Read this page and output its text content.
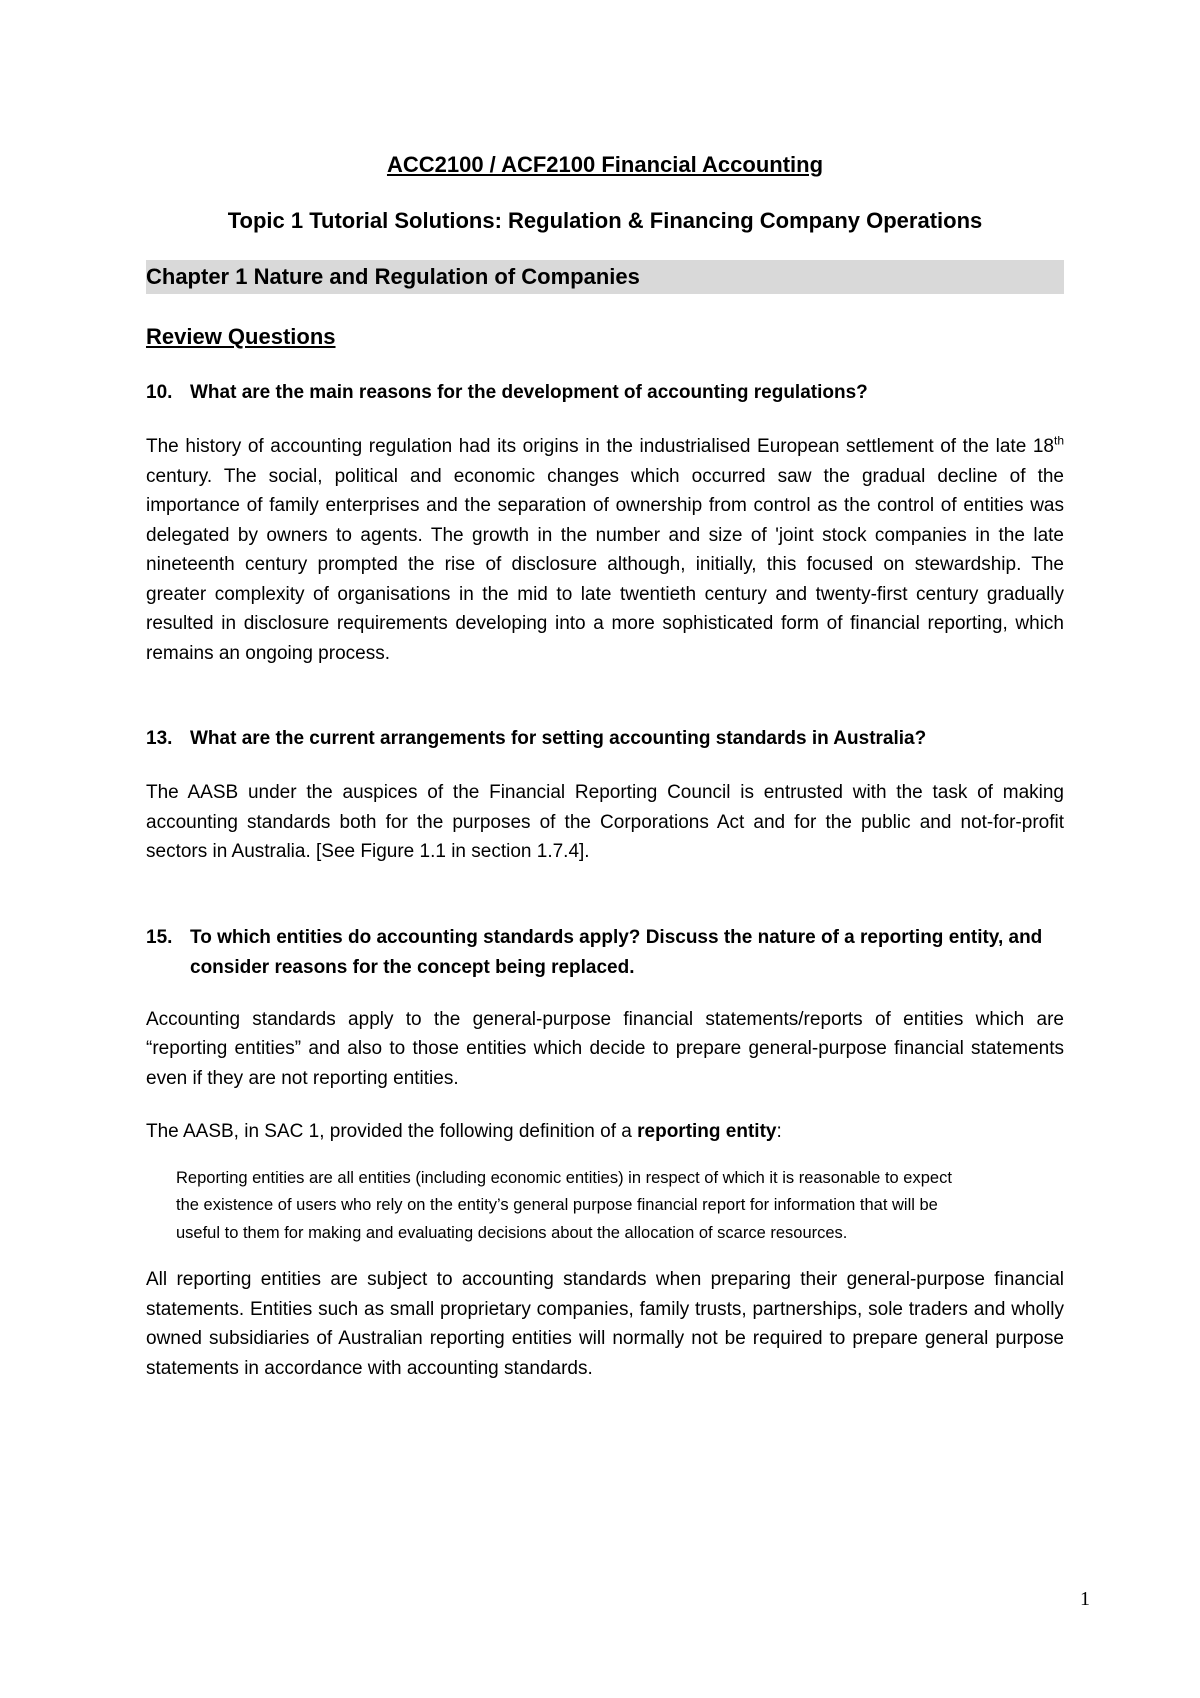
ACC2100 / ACF2100 Financial Accounting
Topic 1 Tutorial Solutions: Regulation & Financing Company Operations
Chapter 1 Nature and Regulation of Companies
Review Questions
10. What are the main reasons for the development of accounting regulations?

The history of accounting regulation had its origins in the industrialised European settlement of the late 18th century. The social, political and economic changes which occurred saw the gradual decline of the importance of family enterprises and the separation of ownership from control as the control of entities was delegated by owners to agents. The growth in the number and size of 'joint stock companies in the late nineteenth century prompted the rise of disclosure although, initially, this focused on stewardship. The greater complexity of organisations in the mid to late twentieth century and twenty-first century gradually resulted in disclosure requirements developing into a more sophisticated form of financial reporting, which remains an ongoing process.

13. What are the current arrangements for setting accounting standards in Australia?

The AASB under the auspices of the Financial Reporting Council is entrusted with the task of making accounting standards both for the purposes of the Corporations Act and for the public and not-for-profit sectors in Australia. [See Figure 1.1 in section 1.7.4].

15. To which entities do accounting standards apply? Discuss the nature of a reporting entity, and consider reasons for the concept being replaced.

Accounting standards apply to the general-purpose financial statements/reports of entities which are “reporting entities” and also to those entities which decide to prepare general-purpose financial statements even if they are not reporting entities.

The AASB, in SAC 1, provided the following definition of a reporting entity:

Reporting entities are all entities (including economic entities) in respect of which it is reasonable to expect the existence of users who rely on the entity’s general purpose financial report for information that will be useful to them for making and evaluating decisions about the allocation of scarce resources.

All reporting entities are subject to accounting standards when preparing their general-purpose financial statements. Entities such as small proprietary companies, family trusts, partnerships, sole traders and wholly owned subsidiaries of Australian reporting entities will normally not be required to prepare general purpose statements in accordance with accounting standards.

1
